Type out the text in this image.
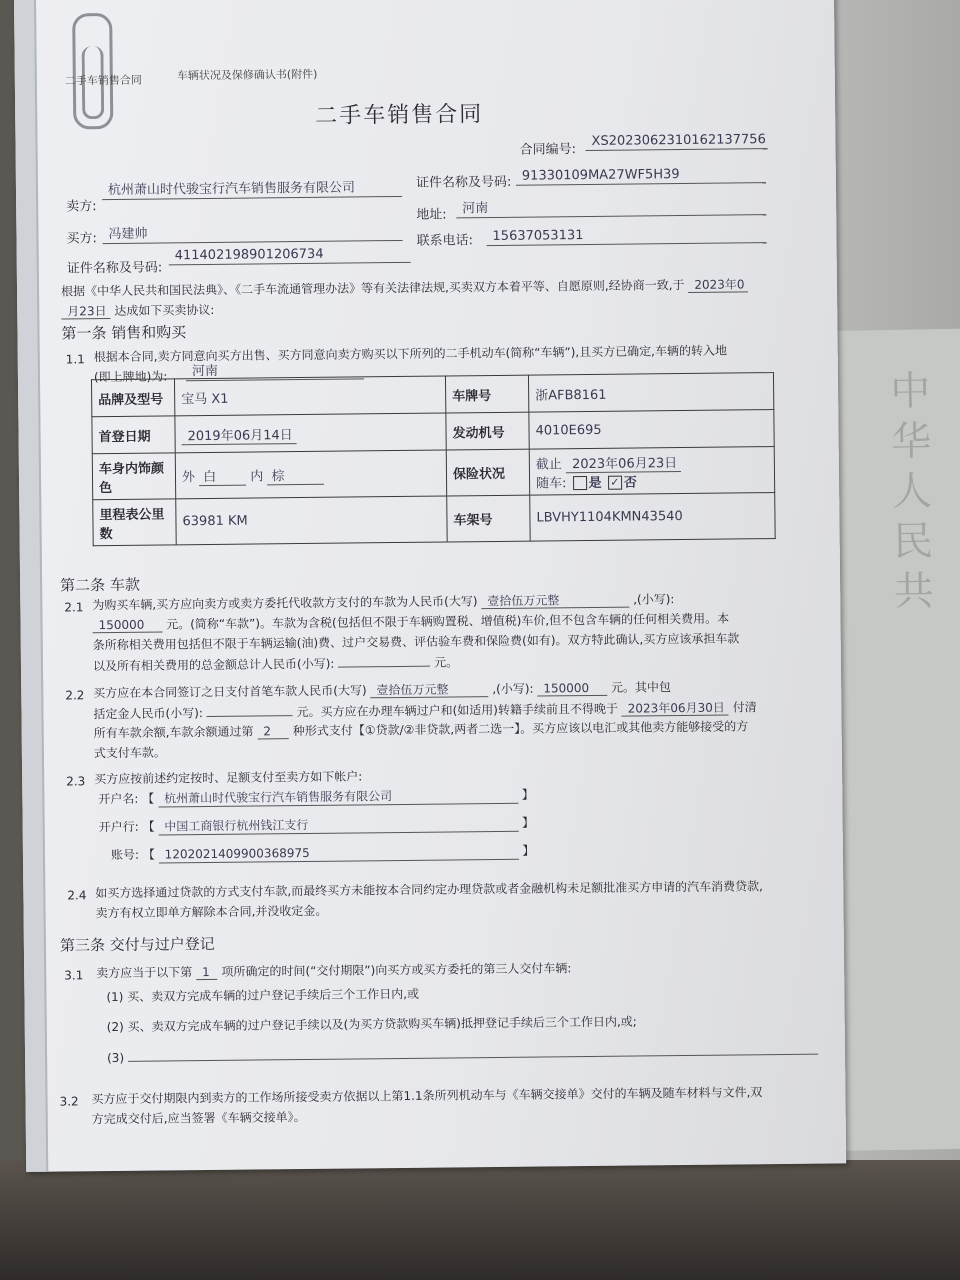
中华人民共
二手车销售合同	车辆状况及保修确认书(附件)
二手车销售合同
合同编号:
XS2023062310162137756
卖方:
杭州萧山时代骏宝行汽车销售服务有限公司	证件名称及号码: 91330109MA27WF5H39
地址:	河南
买方: 冯建帅	联系电话:	15637053131
证件名称及号码:
411402198901206734
根据《中华人民共和国民法典》、《二手车流通管理办法》等有关法律法规,买卖双方本着平等、自愿原则,经协商一致,于 2023年0
月23日 达成如下买卖协议:
第一条 销售和购买
1.1 根据本合同,卖方同意向买方出售、买方同意向卖方购买以下所列的二手机动车(简称“车辆”),且买方已确定,车辆的转入地
(即上牌地)为:	河南
品牌及型号	宝马 X1	车牌号	浙AFB8161
首登日期	2019年06月14日	发动机号	4010E695
车身内饰颜色	外 白 内 棕	保险状况	截止 2023年06月23日
随车: 是 ✓ 否

里程表公里数	63981 KM	车架号	LBVHY1104KMN43540
第二条 车款
2.1 为购买车辆,买方应向卖方或卖方委托代收款方支付的车款为人民币(大写) 壹拾伍万元整	,(小写):
150000 元。(简称“车款”)。车款为含税(包括但不限于车辆购置税、增值税)车价,但不包含车辆的任何相关费用。本
条所称相关费用包括但不限于车辆运输(油)费、过户交易费、评估验车费和保险费(如有)。双方特此确认,买方应该承担车款
以及所有相关费用的总金额总计人民币(小写):	元。
2.2 买方应在本合同签订之日支付首笔车款人民币(大写) 壹拾伍万元整	,(小写): 150000 元。其中包
括定金人民币(小写):	元。买方应在办理车辆过户和(如适用)转籍手续前且不得晚于 2023年06月30日 付清
所有车款余额,车款余额通过第 2 种形式支付【①贷款/②非贷款,两者二选一】。买方应该以电汇或其他卖方能够接受的方
式支付车款。
2.3 买方应按前述约定按时、足额支付至卖方如下帐户:
开户名: 【 杭州萧山时代骏宝行汽车销售服务有限公司	】
开户行: 【 中国工商银行杭州钱江支行	】
账号: 【 1202021409900368975	】
2.4 如买方选择通过贷款的方式支付车款,而最终买方未能按本合同约定办理贷款或者金融机构未足额批准买方申请的汽车消费贷款,
卖方有权立即单方解除本合同,并没收定金。
第三条 交付与过户登记
3.1 卖方应当于以下第 1 项所确定的时间(“交付期限”)向买方或买方委托的第三人交付车辆:
(1) 买、卖双方完成车辆的过户登记手续后三个工作日内,或
(2) 买、卖双方完成车辆的过户登记手续以及(为买方贷款购买车辆)抵押登记手续后三个工作日内,或;
(3)
3.2 买方应于交付期限内到卖方的工作场所接受卖方依据以上第1.1条所列机动车与《车辆交接单》交付的车辆及随车材料与文件,双
方完成交付后,应当签署《车辆交接单》。
